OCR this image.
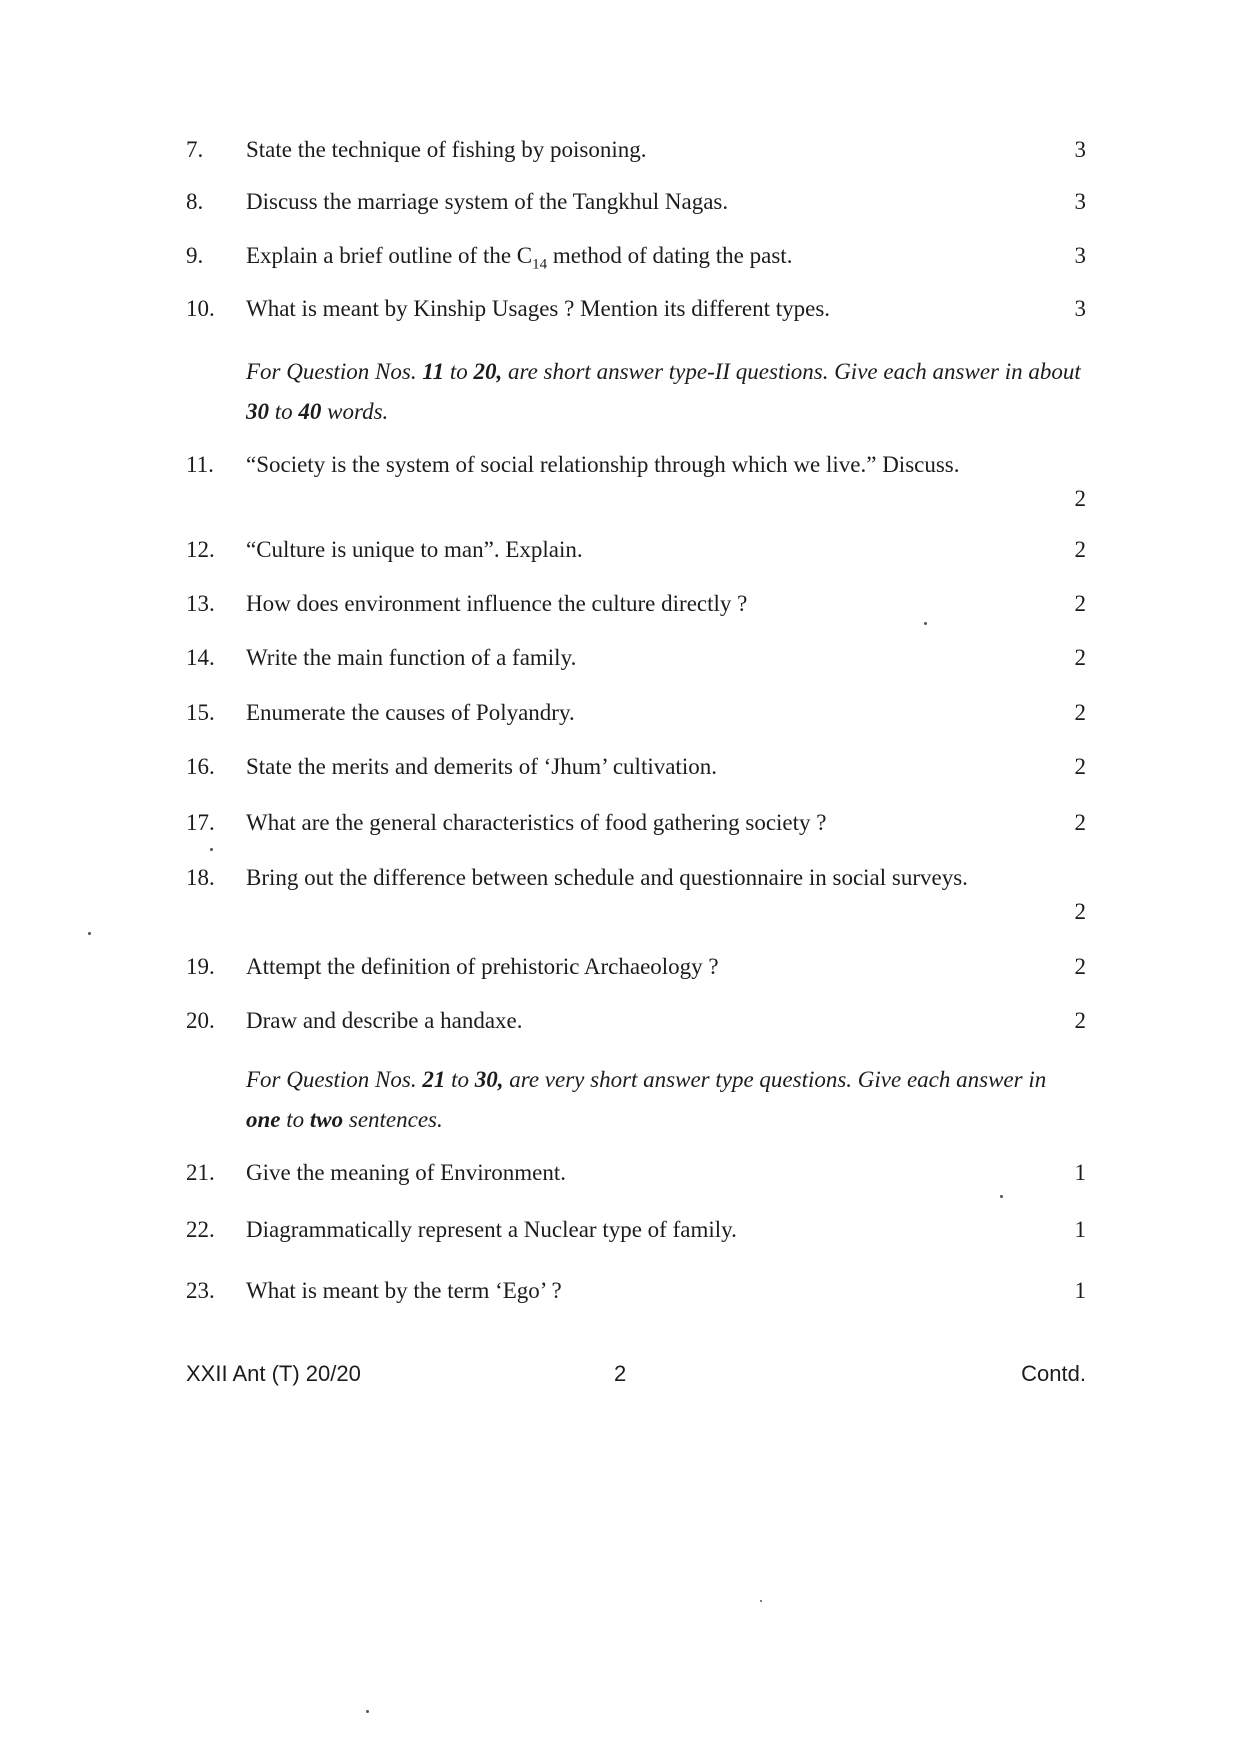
7. State the technique of fishing by poisoning.	3
8. Discuss the marriage system of the Tangkhul Nagas.	3
9. Explain a brief outline of the $C_{14}$ method of dating the past.	3
10. What is meant by Kinship Usages ? Mention its different types.	3
For Question Nos. 11 to 20, are short answer type-II questions. Give each answer in about 30 to 40 words.
11. “Society is the system of social relationship through which we live.” Discuss.
2
12. “Culture is unique to man”. Explain.	2
13. How does environment influence the culture directly ?	2
14. Write the main function of a family.	2
15. Enumerate the causes of Polyandry.	2
16. State the merits and demerits of ‘Jhum’ cultivation.	2
17. What are the general characteristics of food gathering society ?	2
18. Bring out the difference between schedule and questionnaire in social surveys.
2
19. Attempt the definition of prehistoric Archaeology ?	2
20. Draw and describe a handaxe.	2
For Question Nos. 21 to 30, are very short answer type questions. Give each answer in one to two sentences.
21. Give the meaning of Environment.	1
22. Diagrammatically represent a Nuclear type of family.	1
23. What is meant by the term ‘Ego’ ?	1
XXII Ant (T) 20/20	2	Contd.
